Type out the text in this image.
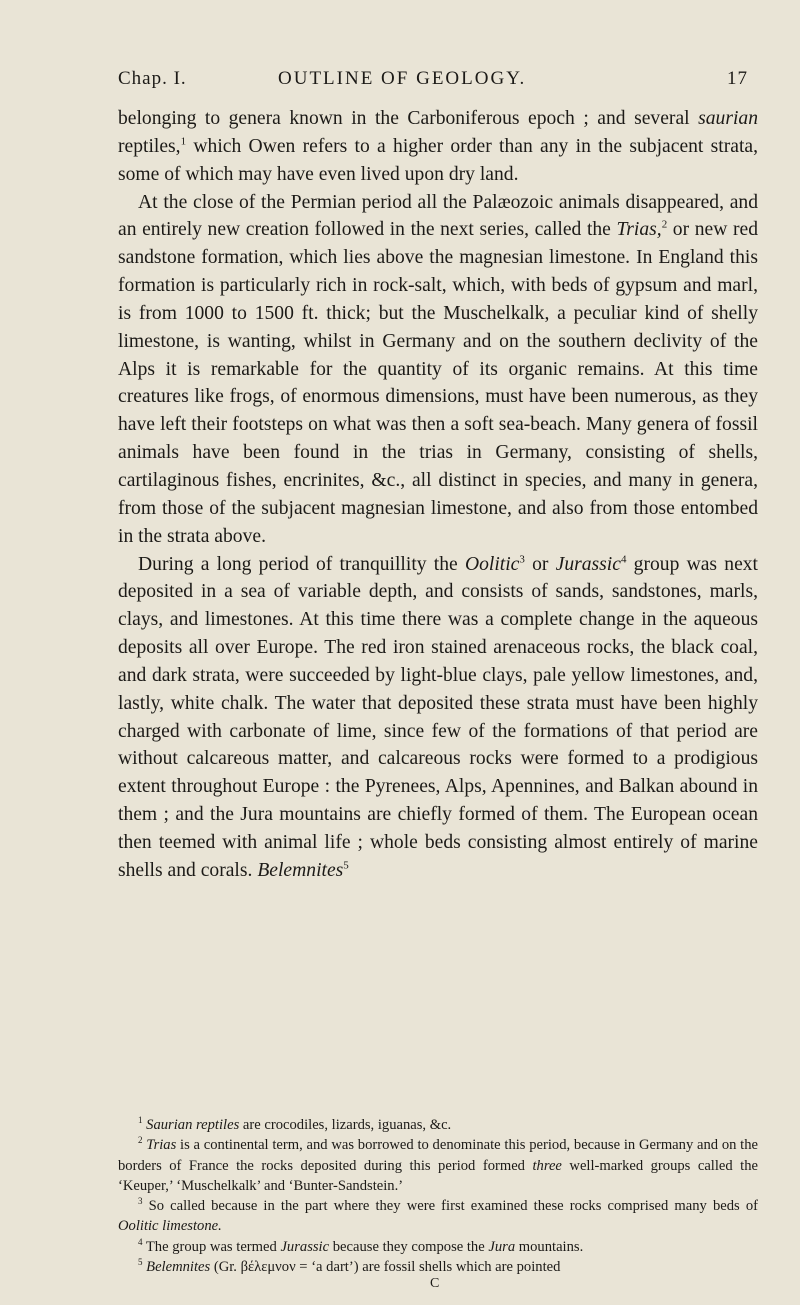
Chap. I.	OUTLINE OF GEOLOGY.	17

belonging to genera known in the Carboniferous epoch ; and several saurian reptiles,$^1$ which Owen refers to a higher order than any in the subjacent strata, some of which may have even lived upon dry land.

At the close of the Permian period all the Palæozoic animals disappeared, and an entirely new creation followed in the next series, called the Trias,$^2$ or new red sandstone formation, which lies above the magnesian limestone. In England this formation is particularly rich in rock-salt, which, with beds of gypsum and marl, is from 1000 to 1500 ft. thick; but the Muschelkalk, a peculiar kind of shelly limestone, is wanting, whilst in Germany and on the southern declivity of the Alps it is remarkable for the quantity of its organic remains. At this time creatures like frogs, of enormous dimensions, must have been numerous, as they have left their footsteps on what was then a soft sea-beach. Many genera of fossil animals have been found in the trias in Germany, consisting of shells, cartilaginous fishes, encrinites, &c., all distinct in species, and many in genera, from those of the subjacent magnesian limestone, and also from those entombed in the strata above.

During a long period of tranquillity the Oolitic$^3$ or Jurassic$^4$ group was next deposited in a sea of variable depth, and consists of sands, sandstones, marls, clays, and limestones. At this time there was a complete change in the aqueous deposits all over Europe. The red iron stained arenaceous rocks, the black coal, and dark strata, were succeeded by light-blue clays, pale yellow limestones, and, lastly, white chalk. The water that deposited these strata must have been highly charged with carbonate of lime, since few of the formations of that period are without calcareous matter, and calcareous rocks were formed to a prodigious extent throughout Europe : the Pyrenees, Alps, Apennines, and Balkan abound in them ; and the Jura mountains are chiefly formed of them. The European ocean then teemed with animal life ; whole beds consisting almost entirely of marine shells and corals. Belemnites$^5$

$^1$ Saurian reptiles are crocodiles, lizards, iguanas, &c.

$^2$ Trias is a continental term, and was borrowed to denominate this period, because in Germany and on the borders of France the rocks deposited during this period formed three well-marked groups called the ‘Keuper,’ ‘Muschelkalk’ and ‘Bunter-Sandstein.’

$^3$ So called because in the part where they were first examined these rocks comprised many beds of Oolitic limestone.

$^4$ The group was termed Jurassic because they compose the Jura mountains.

$^5$ Belemnites (Gr. βέλεμνον = ‘a dart’) are fossil shells which are pointed

C
